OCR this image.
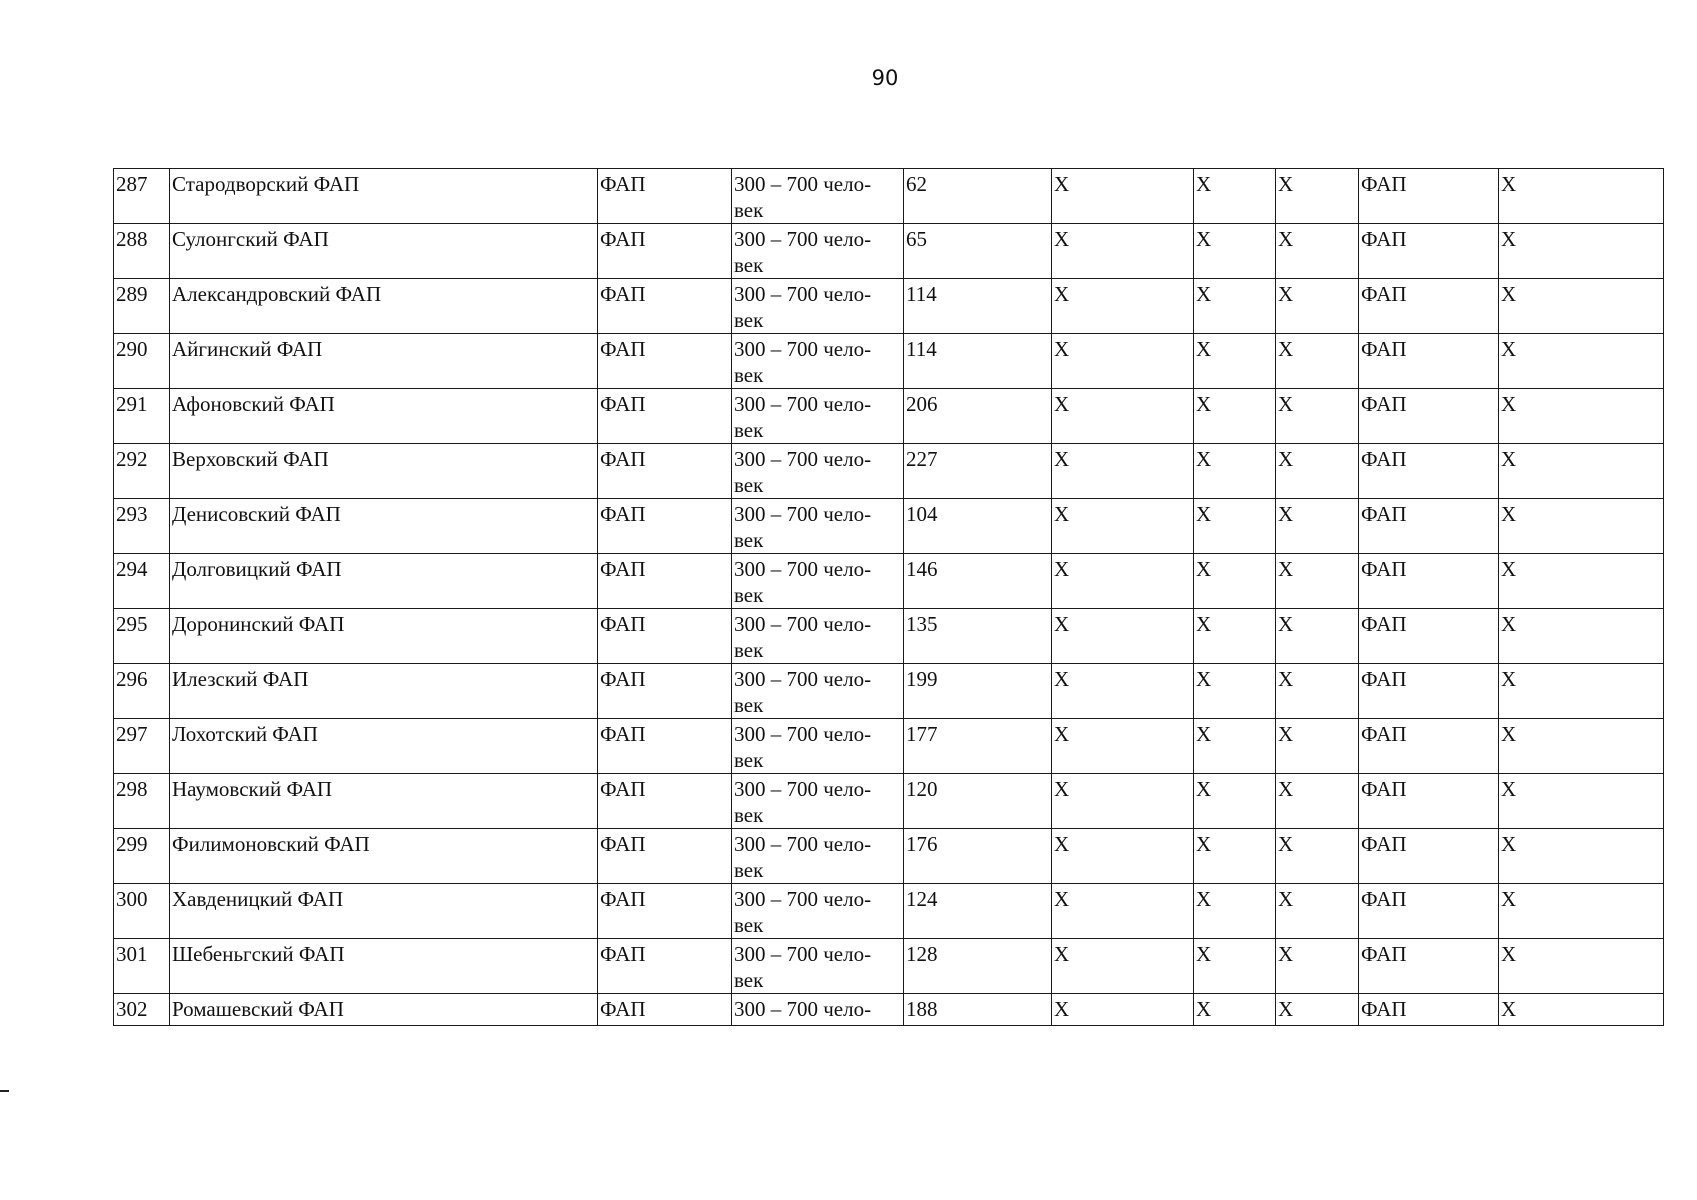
90
287	Стародворский ФАП	ФАП	300 – 700 чело-
век	62	X	X	X	ФАП	X
288	Сулонгский ФАП	ФАП	300 – 700 чело-
век	65	X	X	X	ФАП	X
289	Александровский ФАП	ФАП	300 – 700 чело-
век	114	X	X	X	ФАП	X
290	Айгинский ФАП	ФАП	300 – 700 чело-
век	114	X	X	X	ФАП	X
291	Афоновский ФАП	ФАП	300 – 700 чело-
век	206	X	X	X	ФАП	X
292	Верховский ФАП	ФАП	300 – 700 чело-
век	227	X	X	X	ФАП	X
293	Денисовский ФАП	ФАП	300 – 700 чело-
век	104	X	X	X	ФАП	X
294	Долговицкий ФАП	ФАП	300 – 700 чело-
век	146	X	X	X	ФАП	X
295	Доронинский ФАП	ФАП	300 – 700 чело-
век	135	X	X	X	ФАП	X
296	Илезский ФАП	ФАП	300 – 700 чело-
век	199	X	X	X	ФАП	X
297	Лохотский ФАП	ФАП	300 – 700 чело-
век	177	X	X	X	ФАП	X
298	Наумовский ФАП	ФАП	300 – 700 чело-
век	120	X	X	X	ФАП	X
299	Филимоновский ФАП	ФАП	300 – 700 чело-
век	176	X	X	X	ФАП	X
300	Хавденицкий ФАП	ФАП	300 – 700 чело-
век	124	X	X	X	ФАП	X
301	Шебеньгский ФАП	ФАП	300 – 700 чело-
век	128	X	X	X	ФАП	X
302	Ромашевский ФАП	ФАП	300 – 700 чело-	188	X	X	X	ФАП	X
